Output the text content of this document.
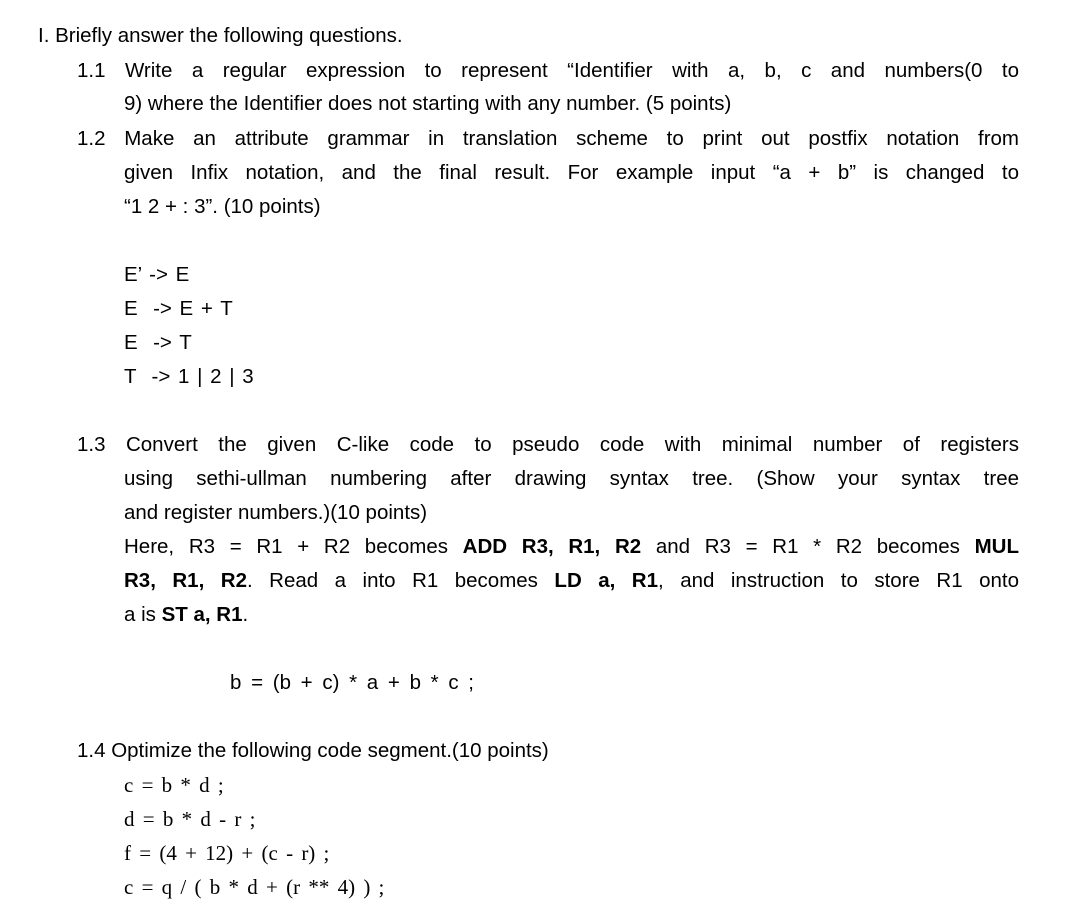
I. Briefly answer the following questions.
1.1 Write a regular expression to represent “Identifier with a, b, c and numbers(0 to
9) where the Identifier does not starting with any number. (5 points)
1.2 Make an attribute grammar in translation scheme to print out postfix notation from
given Infix notation, and the final result. For example input “a + b” is changed to
“1 2 + : 3”. (10 points)
E’ -> E
E  -> E + T
E  -> T
T  -> 1 | 2 | 3
1.3 Convert the given C-like code to pseudo code with minimal number of registers
using sethi-ullman numbering after drawing syntax tree. (Show your syntax tree
and register numbers.)(10 points)
Here, R3 = R1 + R2 becomes ADD R3, R1, R2 and R3 = R1 * R2 becomes MUL
R3, R1, R2. Read a into R1 becomes LD a, R1, and instruction to store R1 onto
a is ST a, R1.
b = (b + c) * a + b * c ;
1.4 Optimize the following code segment.(10 points)
c = b * d ;
d = b * d - r ;
f = (4 + 12) + (c - r) ;
c = q / ( b * d + (r ** 4) ) ;
